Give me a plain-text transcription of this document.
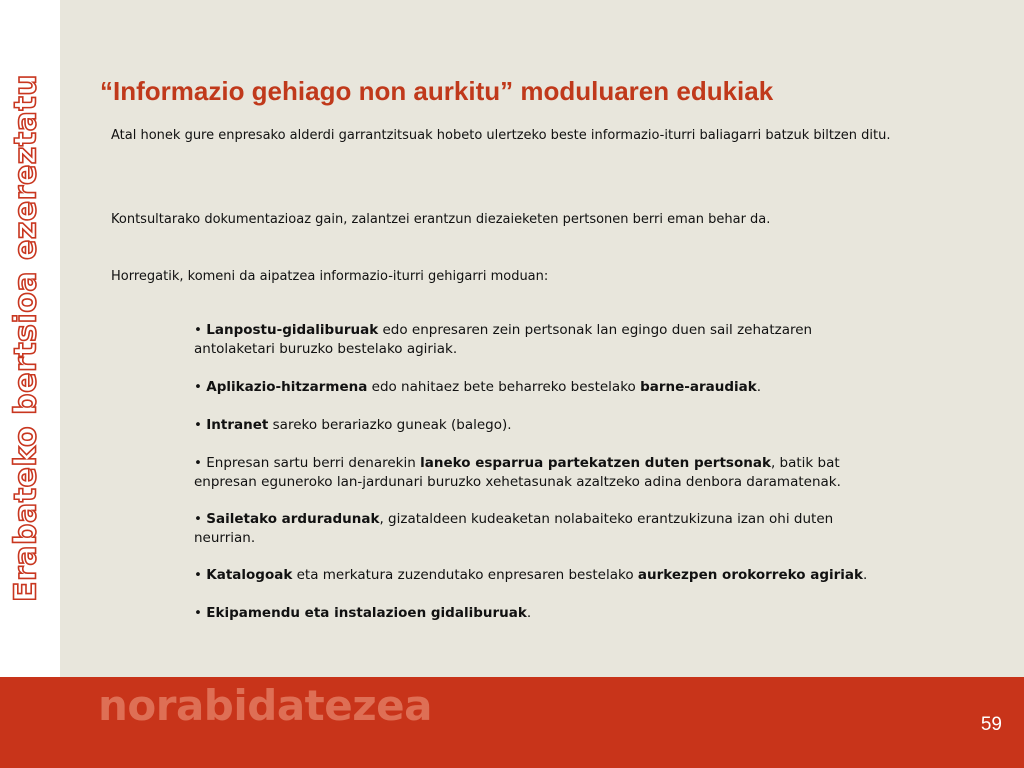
Erabateko bertsioa ezereztatu “Informazio gehiago non aurkitu” moduluaren edukiak

Atal honek gure enpresako alderdi garrantzitsuak hobeto ulertzeko beste informazio-iturri baliagarri batzuk biltzen ditu.

Kontsultarako dokumentazioaz gain, zalantzei erantzun diezaieketen pertsonen berri eman behar da.

Horregatik, komeni da aipatzea informazio-iturri gehigarri moduan:

• Lanpostu-gidaliburuak edo enpresaren zein pertsonak lan egingo duen sail zehatzaren antolaketari buruzko bestelako agiriak.
• Aplikazio-hitzarmena edo nahitaez bete beharreko bestelako barne-araudiak.
• Intranet sareko berariazko guneak (balego).
• Enpresan sartu berri denarekin laneko esparrua partekatzen duten pertsonak, batik bat enpresan eguneroko lan-jardunari buruzko xehetasunak azaltzeko adina denbora daramatenak.
• Sailetako arduradunak, gizataldeen kudeaketan nolabaiteko erantzukizuna izan ohi duten neurrian.
• Katalogoak eta merkatura zuzendutako enpresaren bestelako aurkezpen orokorreko agiriak.
• Ekipamendu eta instalazioen gidaliburuak.
norabidatezea	59
